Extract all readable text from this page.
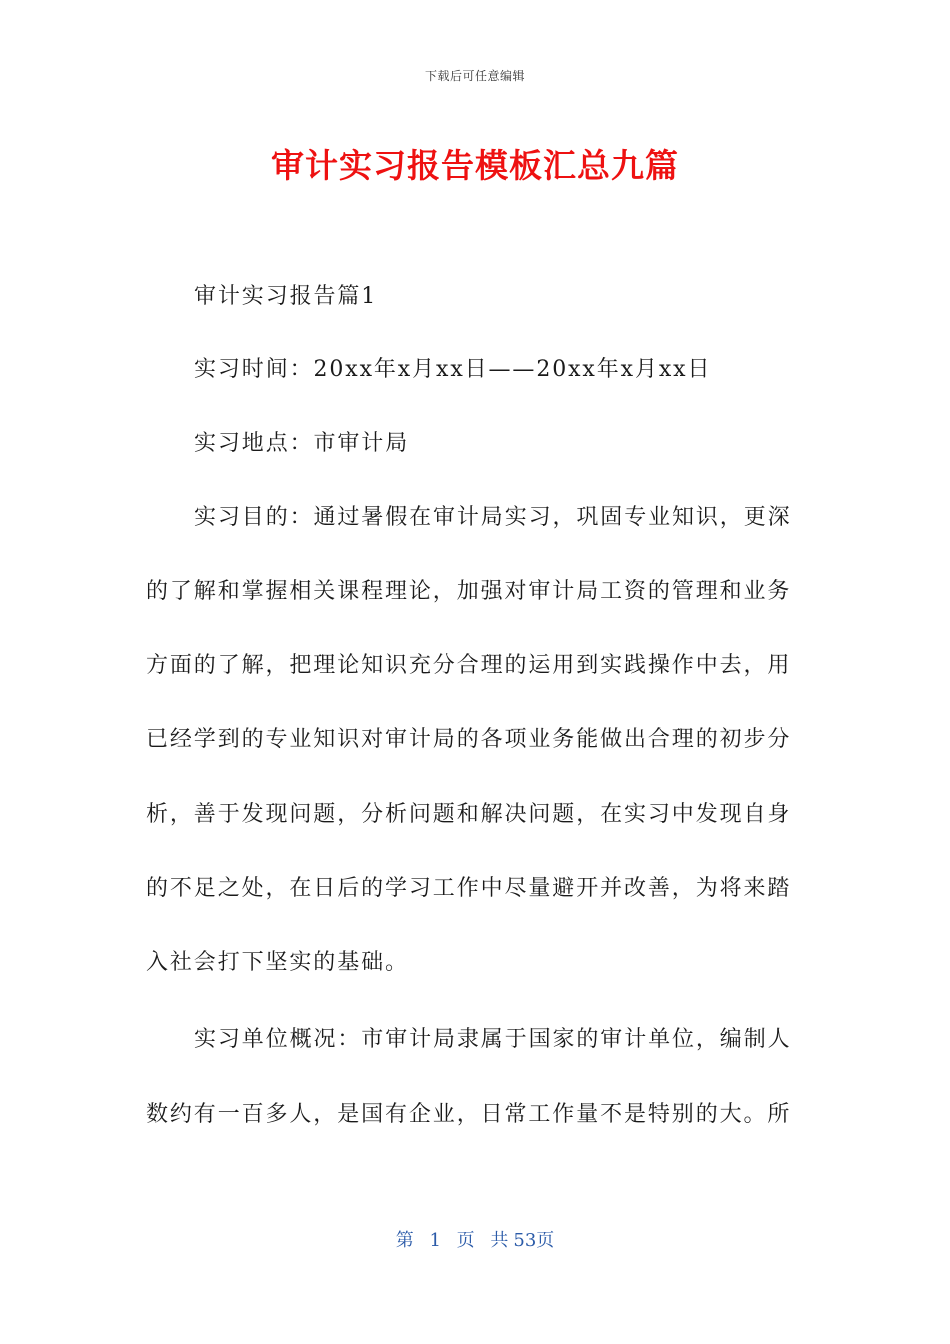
下载后可任意编辑
审计实习报告模板汇总九篇
审计实习报告篇1
实习时间：20xx年x月xx日——20xx年x月xx日
实习地点：市审计局
实习目的：通过暑假在审计局实习，巩固专业知识，更深
的了解和掌握相关课程理论，加强对审计局工资的管理和业务
方面的了解，把理论知识充分合理的运用到实践操作中去，用
已经学到的专业知识对审计局的各项业务能做出合理的初步分
析，善于发现问题，分析问题和解决问题，在实习中发现自身
的不足之处，在日后的学习工作中尽量避开并改善，为将来踏
入社会打下坚实的基础。
实习单位概况：市审计局隶属于国家的审计单位，编制人
数约有一百多人，是国有企业，日常工作量不是特别的大。所
第 1 页 共 53页
